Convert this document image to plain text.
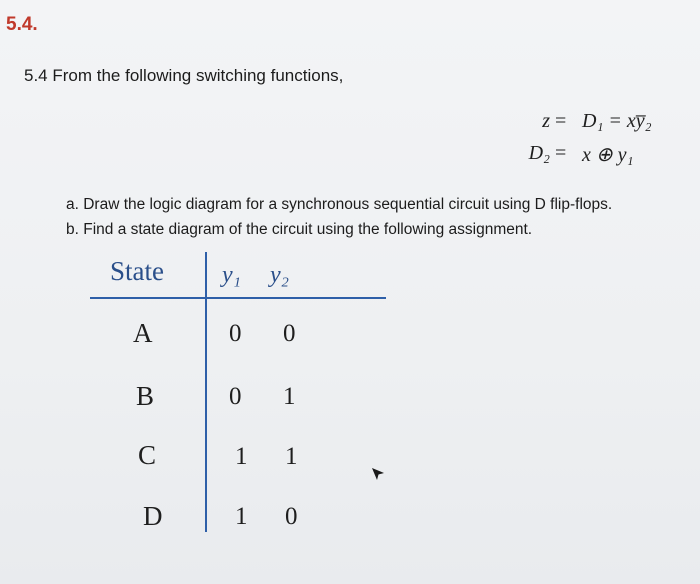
5.4.
5.4 From the following switching functions,
z = D₁ = xy̅₂
D₂ = x ⊕ y₁
a. Draw the logic diagram for a synchronous sequential circuit using D flip-flops.
b. Find a state diagram of the circuit using the following assignment.
State y₁ y₂
A	0 0
B	0 1
C	1 1
D	1 0
